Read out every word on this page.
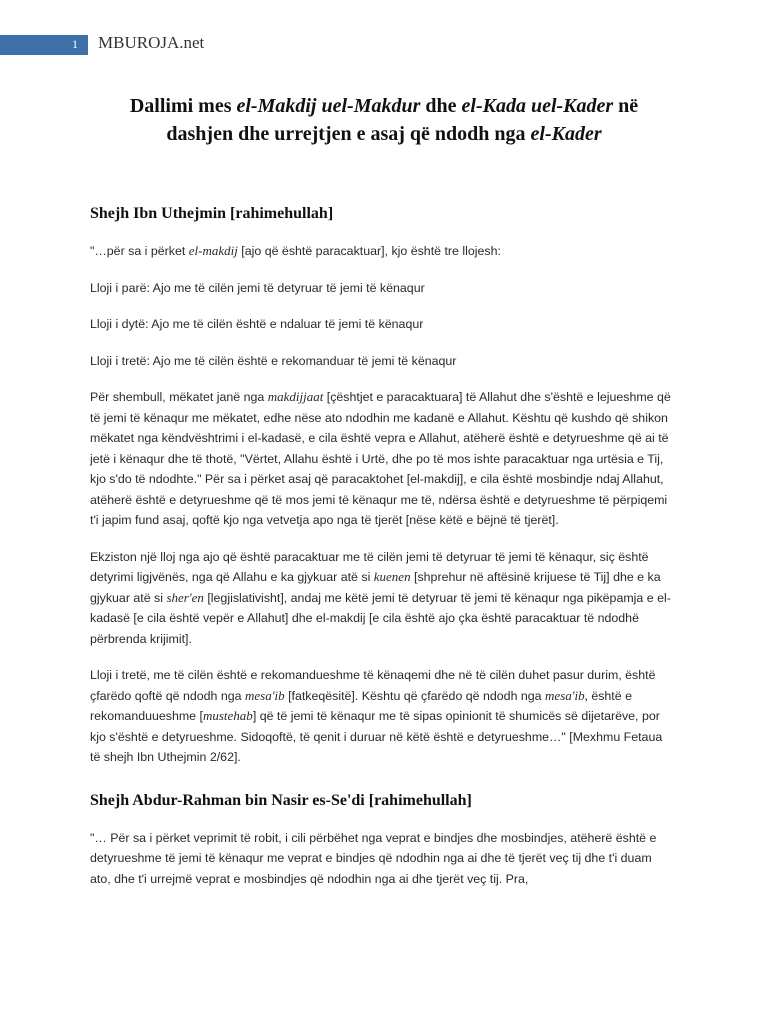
1 MBUROJA.net
Dallimi mes el-Makdij uel-Makdur dhe el-Kada uel-Kader në
dashjen dhe urrejtjen e asaj që ndodh nga el-Kader
Shejh Ibn Uthejmin [rahimehullah]

"…për sa i përket el-makdij [ajo që është paracaktuar], kjo është tre llojesh:

Lloji i parë: Ajo me të cilën jemi të detyruar të jemi të kënaqur

Lloji i dytë: Ajo me të cilën është e ndaluar të jemi të kënaqur

Lloji i tretë: Ajo me të cilën është e rekomanduar të jemi të kënaqur

Për shembull, mëkatet janë nga makdijjaat [çështjet e paracaktuara] të Allahut dhe s'është e lejueshme që të jemi të kënaqur me mëkatet, edhe nëse ato ndodhin me kadanë e Allahut. Kështu që kushdo që shikon mëkatet nga këndvështrimi i el-kadasë, e cila është vepra e Allahut, atëherë është e detyrueshme që ai të jetë i kënaqur dhe të thotë, "Vërtet, Allahu është i Urtë, dhe po të mos ishte paracaktuar nga urtësia e Tij, kjo s'do të ndodhte." Për sa i përket asaj që paracaktohet [el-makdij], e cila është mosbindje ndaj Allahut, atëherë është e detyrueshme që të mos jemi të kënaqur me të, ndërsa është e detyrueshme të përpiqemi t'i japim fund asaj, qoftë kjo nga vetvetja apo nga të tjerët [nëse këtë e bëjnë të tjerët].

Ekziston një lloj nga ajo që është paracaktuar me të cilën jemi të detyruar të jemi të kënaqur, siç është detyrimi ligjvënës, nga që Allahu e ka gjykuar atë si kuenen [shprehur në aftësinë krijuese të Tij] dhe e ka gjykuar atë si sher'en [legjislativisht], andaj me këtë jemi të detyruar të jemi të kënaqur nga pikëpamja e el-kadasë [e cila është vepër e Allahut] dhe el-makdij [e cila është ajo çka është paracaktuar të ndodhë përbrenda krijimit].

Lloji i tretë, me të cilën është e rekomandueshme të kënaqemi dhe në të cilën duhet pasur durim, është çfarëdo qoftë që ndodh nga mesa'ib [fatkeqësitë]. Kështu që çfarëdo që ndodh nga mesa'ib, është e rekomanduueshme [mustehab] që të jemi të kënaqur me të sipas opinionit të shumicës së dijetarëve, por kjo s'është e detyrueshme. Sidoqoftë, të qenit i duruar në këtë është e detyrueshme…" [Mexhmu Fetaua të shejh Ibn Uthejmin 2/62].

Shejh Abdur-Rahman bin Nasir es-Se'di [rahimehullah]

"… Për sa i përket veprimit të robit, i cili përbëhet nga veprat e bindjes dhe mosbindjes, atëherë është e detyrueshme të jemi të kënaqur me veprat e bindjes që ndodhin nga ai dhe të tjerët veç tij dhe t'i duam ato, dhe t'i urrejmë veprat e mosbindjes që ndodhin nga ai dhe tjerët veç tij. Pra,
